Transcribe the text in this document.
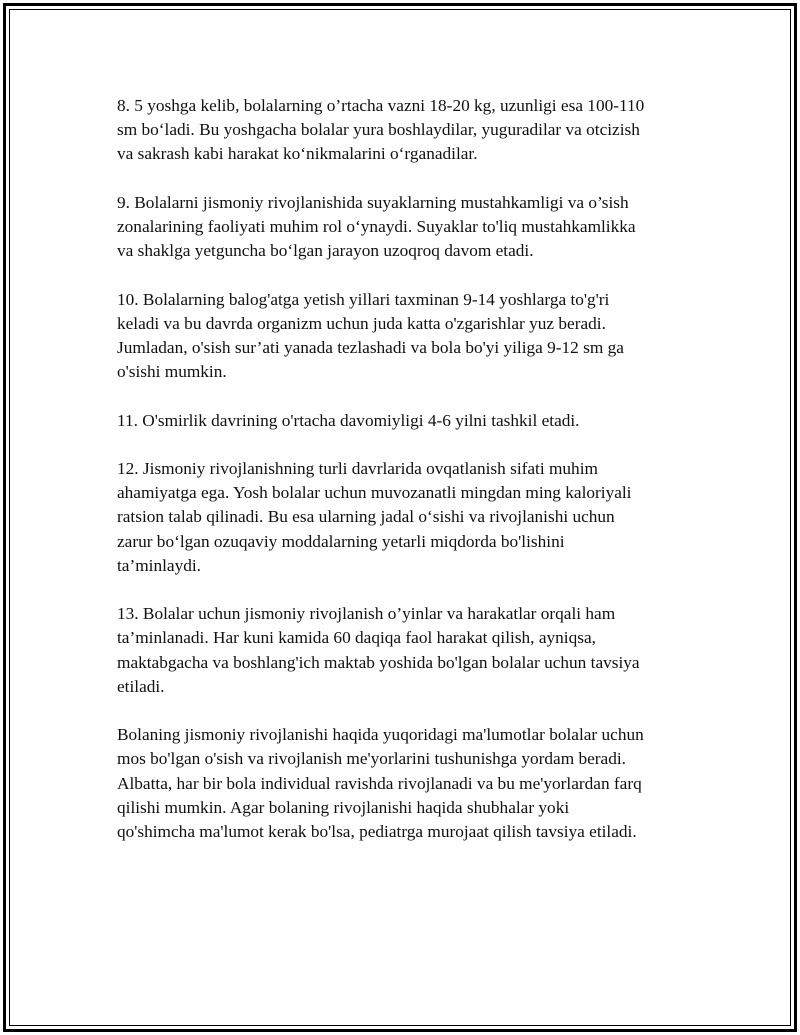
8. 5 yoshga kelib, bolalarning o’rtacha vazni 18-20 kg, uzunligi esa 100-110
sm bo‘ladi. Bu yoshgacha bolalar yura boshlaydilar, yuguradilar va otcizish
va sakrash kabi harakat ko‘nikmalarini o‘rganadilar.

9. Bolalarni jismoniy rivojlanishida suyaklarning mustahkamligi va o’sish
zonalarining faoliyati muhim rol o‘ynaydi. Suyaklar to'liq mustahkamlikka
va shaklga yetguncha bo‘lgan jarayon uzoqroq davom etadi.

10. Bolalarning balog'atga yetish yillari taxminan 9-14 yoshlarga to'g'ri
keladi va bu davrda organizm uchun juda katta o'zgarishlar yuz beradi.
Jumladan, o'sish sur’ati yanada tezlashadi va bola bo'yi yiliga 9-12 sm ga
o'sishi mumkin.

11. O'smirlik davrining o'rtacha davomiyligi 4-6 yilni tashkil etadi.

12. Jismoniy rivojlanishning turli davrlarida ovqatlanish sifati muhim
ahamiyatga ega. Yosh bolalar uchun muvozanatli mingdan ming kaloriyali
ratsion talab qilinadi. Bu esa ularning jadal o‘sishi va rivojlanishi uchun
zarur bo‘lgan ozuqaviy moddalarning yetarli miqdorda bo'lishini
ta’minlaydi.

13. Bolalar uchun jismoniy rivojlanish o’yinlar va harakatlar orqali ham
ta’minlanadi. Har kuni kamida 60 daqiqa faol harakat qilish, ayniqsa,
maktabgacha va boshlang'ich maktab yoshida bo'lgan bolalar uchun tavsiya
etiladi.

Bolaning jismoniy rivojlanishi haqida yuqoridagi ma'lumotlar bolalar uchun
mos bo'lgan o'sish va rivojlanish me'yorlarini tushunishga yordam beradi.
Albatta, har bir bola individual ravishda rivojlanadi va bu me'yorlardan farq
qilishi mumkin. Agar bolaning rivojlanishi haqida shubhalar yoki
qo'shimcha ma'lumot kerak bo'lsa, pediatrga murojaat qilish tavsiya etiladi.
